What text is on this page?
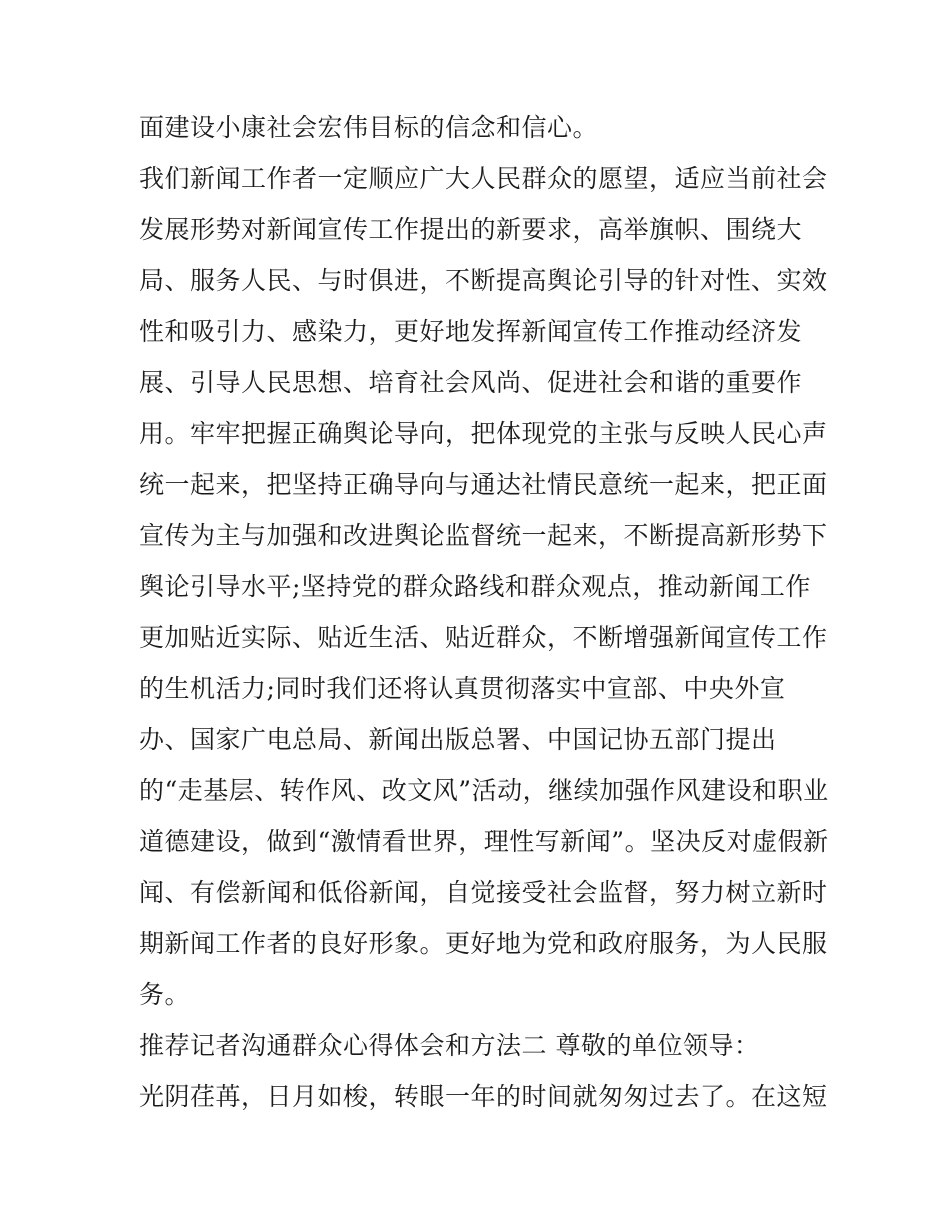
面建设小康社会宏伟目标的信念和信心。
我们新闻工作者一定顺应广大人民群众的愿望，适应当前社会
发展形势对新闻宣传工作提出的新要求，高举旗帜、围绕大
局、服务人民、与时俱进，不断提高舆论引导的针对性、实效
性和吸引力、感染力，更好地发挥新闻宣传工作推动经济发
展、引导人民思想、培育社会风尚、促进社会和谐的重要作
用。牢牢把握正确舆论导向，把体现党的主张与反映人民心声
统一起来，把坚持正确导向与通达社情民意统一起来，把正面
宣传为主与加强和改进舆论监督统一起来，不断提高新形势下
舆论引导水平;坚持党的群众路线和群众观点，推动新闻工作
更加贴近实际、贴近生活、贴近群众，不断增强新闻宣传工作
的生机活力;同时我们还将认真贯彻落实中宣部、中央外宣
办、国家广电总局、新闻出版总署、中国记协五部门提出
的“走基层、转作风、改文风”活动，继续加强作风建设和职业
道德建设，做到“激情看世界，理性写新闻”。坚决反对虚假新
闻、有偿新闻和低俗新闻，自觉接受社会监督，努力树立新时
期新闻工作者的良好形象。更好地为党和政府服务，为人民服
务。
推荐记者沟通群众心得体会和方法二 尊敬的单位领导：
光阴荏苒，日月如梭，转眼一年的时间就匆匆过去了。在这短
